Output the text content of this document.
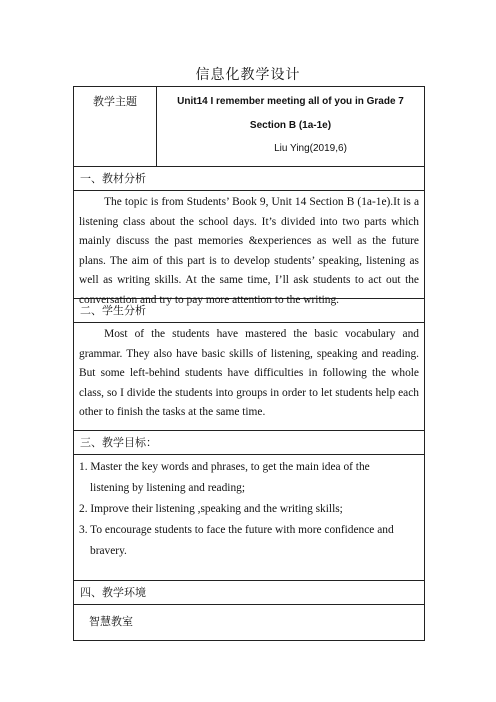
信息化教学设计
教学主题	Unit14 I remember meeting all of you in Grade 7
Section B (1a-1e)
Liu Ying(2019,6)
一、教材分析

The topic is from Students’ Book 9, Unit 14 Section B (1a-1e).It is a listening class about the school days. It’s divided into two parts which mainly discuss the past memories &experiences as well as the future plans. The aim of this part is to develop students’ speaking, listening as well as writing skills. At the same time, I’ll ask students to act out the conversation and try to pay more attention to the writing.

二、学生分析

Most of the students have mastered the basic vocabulary and grammar. They also have basic skills of listening, speaking and reading. But some left-behind students have difficulties in following the whole class, so I divide the students into groups in order to let students help each other to finish the tasks at the same time.

三、教学目标：
1. Master the key words and phrases, to get the main idea of the
listening by listening and reading;
2. Improve their listening ,speaking and the writing skills;
3. To encourage students to face the future with more confidence and
bravery.
四、教学环境
智慧教室
